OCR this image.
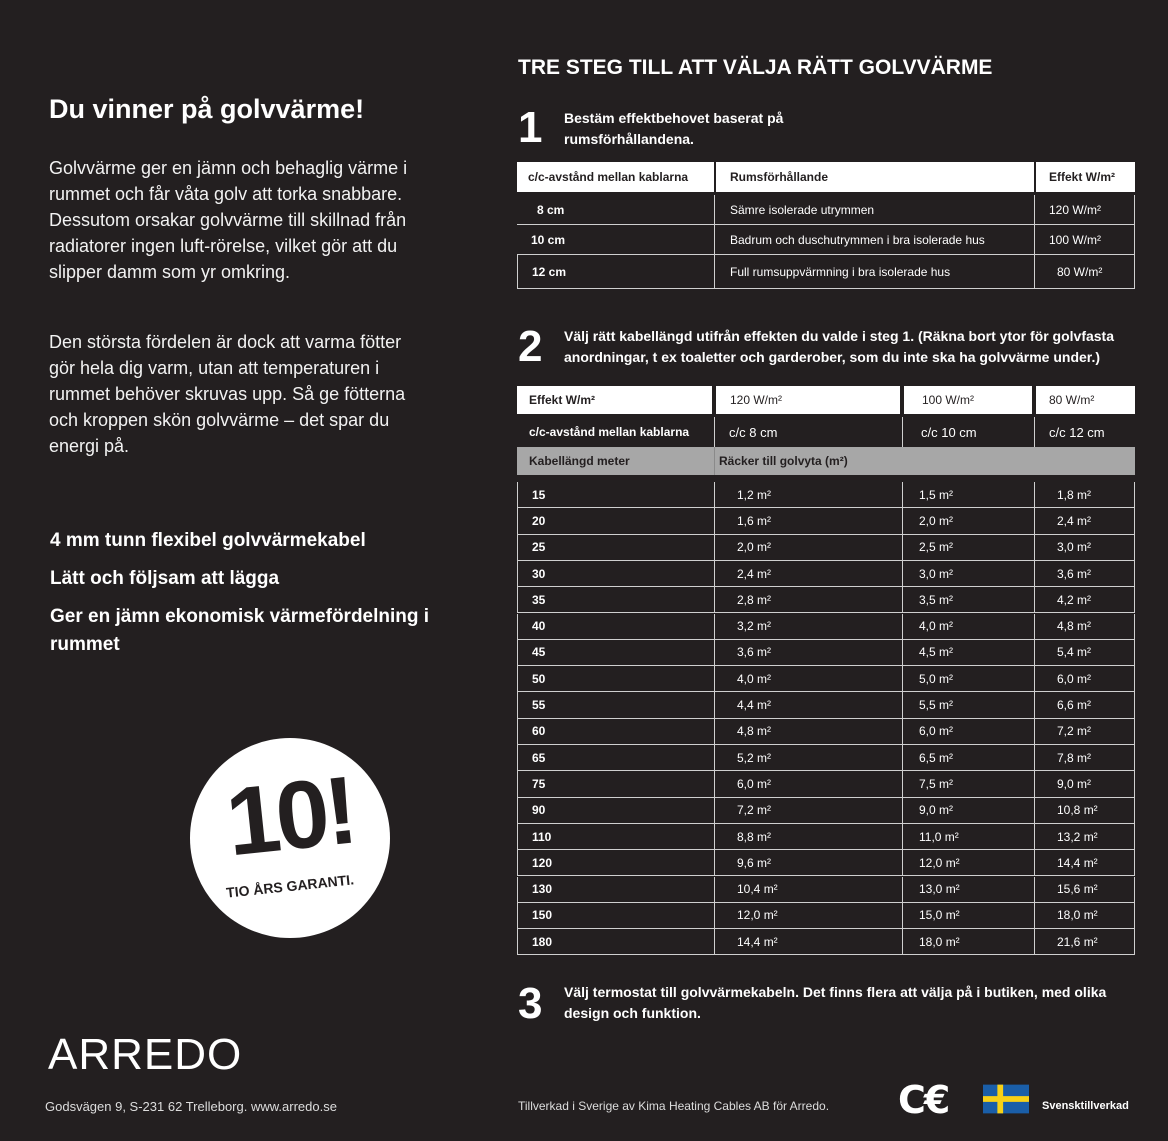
Du vinner på golvvärme!

Golvvärme ger en jämn och behaglig värme i rummet och får våta golv att torka snabbare. Dessutom orsakar golvvärme till skillnad från radiatorer ingen luft-rörelse, vilket gör att du slipper damm som yr omkring.

Den största fördelen är dock att varma fötter gör hela dig varm, utan att temperaturen i rummet behöver skruvas upp. Så ge fötterna och kroppen skön golvvärme – det spar du energi på.

4 mm tunn flexibel golvvärmekabel

Lätt och följsam att lägga

Ger en jämn ekonomisk värmefördelning i rummet

10!
TIO ÅRS GARANTI.
ARREDO
Godsvägen 9, S-231 62 Trelleborg. www.arredo.se
TRE STEG TILL ATT VÄLJA RÄTT GOLVVÄRME
1 Bestäm effektbehovet baserat på rumsförhållandena.
c/c-avstånd mellan kablarna	Rumsförhållande	Effekt W/m²
8 cm	Sämre isolerade utrymmen	120 W/m²
10 cm	Badrum och duschutrymmen i bra isolerade hus	100 W/m²
12 cm	Full rumsuppvärmning i bra isolerade hus	80 W/m²
2 Välj rätt kabellängd utifrån effekten du valde i steg 1. (Räkna bort ytor för golvfasta anordningar, t ex toaletter och garderober, som du inte ska ha golvvärme under.)
Effekt W/m²	120 W/m²	100 W/m²	80 W/m²
c/c-avstånd mellan kablarna	c/c 8 cm	c/c 10 cm	c/c 12 cm
Kabellängd meter	Räcker till golvyta (m²)
15	1,2 m²	1,5 m²	1,8 m²
20	1,6 m²	2,0 m²	2,4 m²
25	2,0 m²	2,5 m²	3,0 m²
30	2,4 m²	3,0 m²	3,6 m²
35	2,8 m²	3,5 m²	4,2 m²
40	3,2 m²	4,0 m²	4,8 m²
45	3,6 m²	4,5 m²	5,4 m²
50	4,0 m²	5,0 m²	6,0 m²
55	4,4 m²	5,5 m²	6,6 m²
60	4,8 m²	6,0 m²	7,2 m²
65	5,2 m²	6,5 m²	7,8 m²
75	6,0 m²	7,5 m²	9,0 m²
90	7,2 m²	9,0 m²	10,8 m²
110	8,8 m²	11,0 m²	13,2 m²
120	9,6 m²	12,0 m²	14,4 m²
130	10,4 m²	13,0 m²	15,6 m²
150	12,0 m²	15,0 m²	18,0 m²
180	14,4 m²	18,0 m²	21,6 m²
3 Välj termostat till golvvärmekabeln. Det finns flera att välja på i butiken, med olika design och funktion.
Tillverkad i Sverige av Kima Heating Cables AB för Arredo. C€	Svensktillverkad
